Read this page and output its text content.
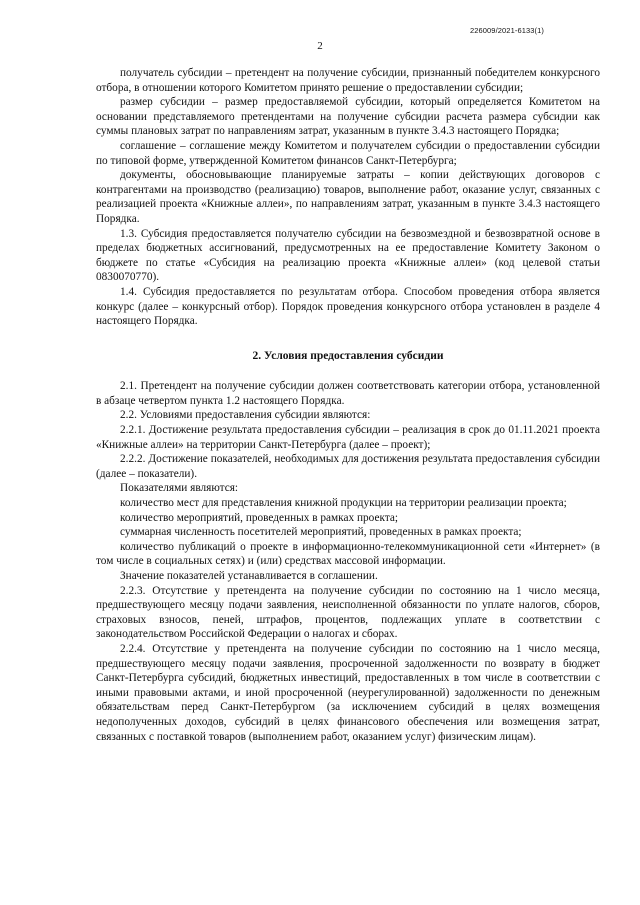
226009/2021-6133(1)
2

получатель субсидии – претендент на получение субсидии, признанный победителем конкурсного отбора, в отношении которого Комитетом принято решение о предоставлении субсидии;

размер субсидии – размер предоставляемой субсидии, который определяется Комитетом на основании представляемого претендентами на получение субсидии расчета размера субсидии как суммы плановых затрат по направлениям затрат, указанным в пункте 3.4.3 настоящего Порядка;

соглашение – соглашение между Комитетом и получателем субсидии о предоставлении субсидии по типовой форме, утвержденной Комитетом финансов Санкт-Петербурга;

документы, обосновывающие планируемые затраты – копии действующих договоров с контрагентами на производство (реализацию) товаров, выполнение работ, оказание услуг, связанных с реализацией проекта «Книжные аллеи», по направлениям затрат, указанным в пункте 3.4.3 настоящего Порядка.

1.3. Субсидия предоставляется получателю субсидии на безвозмездной и безвозвратной основе в пределах бюджетных ассигнований, предусмотренных на ее предоставление Комитету Законом о бюджете по статье «Субсидия на реализацию проекта «Книжные аллеи» (код целевой статьи 0830070770).

1.4. Субсидия предоставляется по результатам отбора. Способом проведения отбора является конкурс (далее – конкурсный отбор). Порядок проведения конкурсного отбора установлен в разделе 4 настоящего Порядка.

2. Условия предоставления субсидии

2.1. Претендент на получение субсидии должен соответствовать категории отбора, установленной в абзаце четвертом пункта 1.2 настоящего Порядка.

2.2. Условиями предоставления субсидии являются:

2.2.1. Достижение результата предоставления субсидии – реализация в срок до 01.11.2021 проекта «Книжные аллеи» на территории Санкт-Петербурга (далее – проект);

2.2.2. Достижение показателей, необходимых для достижения результата предоставления субсидии (далее – показатели).

Показателями являются:

количество мест для представления книжной продукции на территории реализации проекта;

количество мероприятий, проведенных в рамках проекта;

суммарная численность посетителей мероприятий, проведенных в рамках проекта;

количество публикаций о проекте в информационно-телекоммуникационной сети «Интернет» (в том числе в социальных сетях) и (или) средствах массовой информации.

Значение показателей устанавливается в соглашении.

2.2.3. Отсутствие у претендента на получение субсидии по состоянию на 1 число месяца, предшествующего месяцу подачи заявления, неисполненной обязанности по уплате налогов, сборов, страховых взносов, пеней, штрафов, процентов, подлежащих уплате в соответствии с законодательством Российской Федерации о налогах и сборах.

2.2.4. Отсутствие у претендента на получение субсидии по состоянию на 1 число месяца, предшествующего месяцу подачи заявления, просроченной задолженности по возврату в бюджет Санкт-Петербурга субсидий, бюджетных инвестиций, предоставленных в том числе в соответствии с иными правовыми актами, и иной просроченной (неурегулированной) задолженности по денежным обязательствам перед Санкт-Петербургом (за исключением субсидий в целях возмещения недополученных доходов, субсидий в целях финансового обеспечения или возмещения затрат, связанных с поставкой товаров (выполнением работ, оказанием услуг) физическим лицам).
